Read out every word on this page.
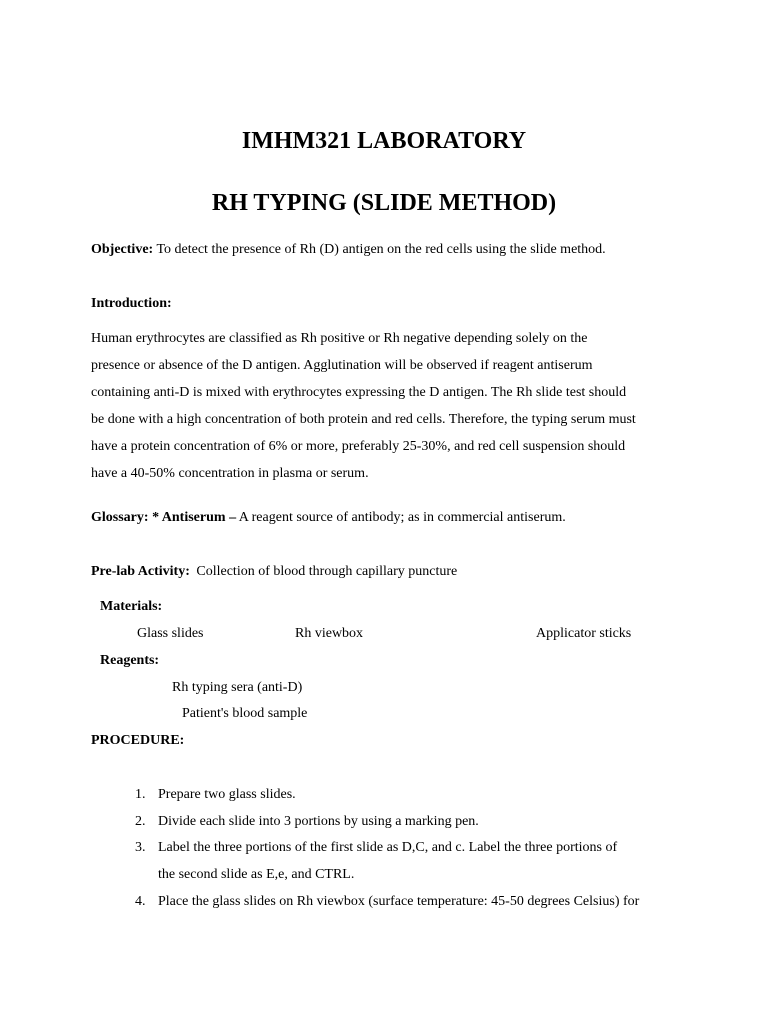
IMHM321 LABORATORY
RH TYPING (SLIDE METHOD)
Objective: To detect the presence of Rh (D) antigen on the red cells using the slide method.
Introduction:
Human erythrocytes are classified as Rh positive or Rh negative depending solely on the
presence or absence of the D antigen. Agglutination will be observed if reagent antiserum
containing anti-D is mixed with erythrocytes expressing the D antigen. The Rh slide test should
be done with a high concentration of both protein and red cells. Therefore, the typing serum must
have a protein concentration of 6% or more, preferably 25-30%, and red cell suspension should
have a 40-50% concentration in plasma or serum.
Glossary: * Antiserum – A reagent source of antibody; as in commercial antiserum.
Pre-lab Activity: Collection of blood through capillary puncture
Materials:
Glass slides	Rh viewbox	Applicator sticks
Reagents:
Rh typing sera (anti-D)
Patient's blood sample
PROCEDURE:
1. Prepare two glass slides.
2. Divide each slide into 3 portions by using a marking pen.
3. Label the three portions of the first slide as D,C, and c. Label the three portions of
the second slide as E,e, and CTRL.
4. Place the glass slides on Rh viewbox (surface temperature: 45-50 degrees Celsius) for
